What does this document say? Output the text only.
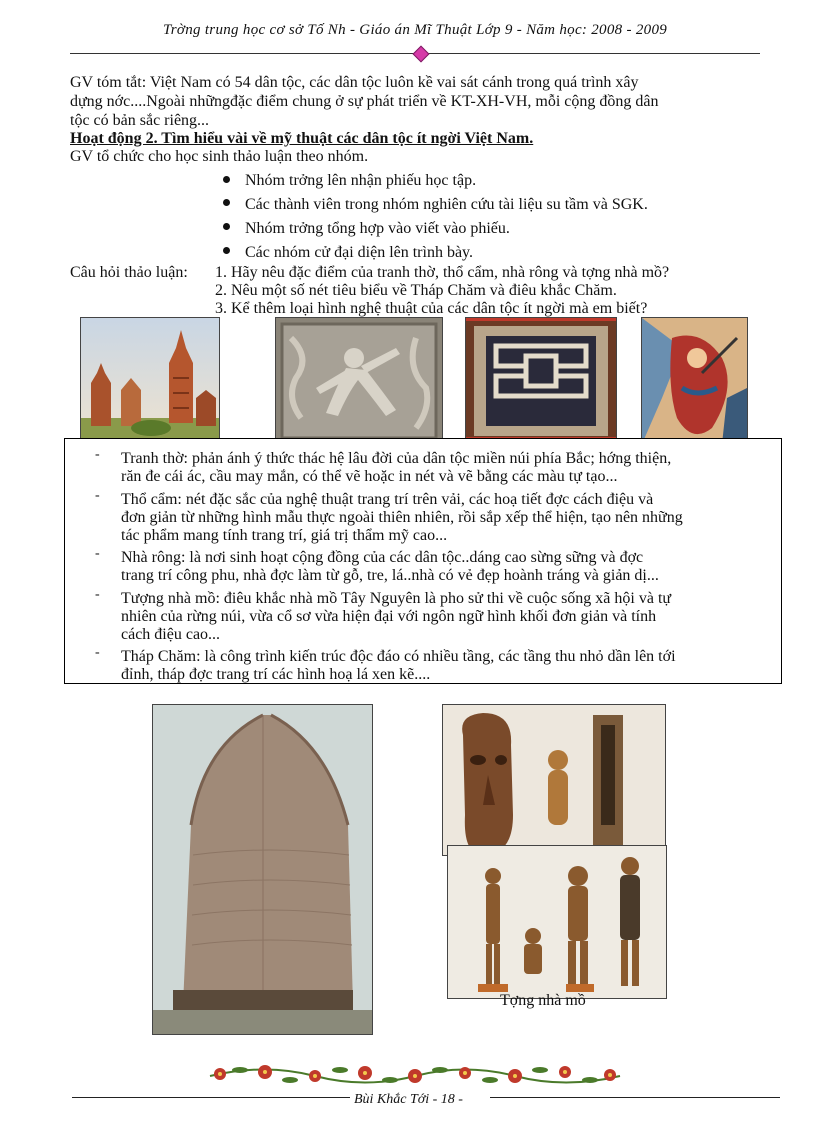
Trờng trung học cơ sở Tố Nh - Giáo án Mĩ Thuật Lớp 9 - Năm học: 2008 - 2009
GV tóm tắt: Việt Nam có 54 dân tộc, các dân tộc luôn kề vai sát cánh trong quá trình xây
dựng nớc....Ngoài nhữngđặc điểm chung ở sự phát triển về KT-XH-VH, mỗi cộng đồng dân
tộc có bản sắc riêng...
Hoạt động 2. Tìm hiểu vài về mỹ thuật các dân tộc ít ngời Việt Nam.
GV tổ chức cho học sinh thảo luận theo nhóm.
Nhóm trởng lên nhận phiếu học tập.
Các thành viên trong nhóm nghiên cứu tài liệu su tầm và SGK.
Nhóm trởng tổng hợp vào viết vào phiếu.
Các nhóm cử đại diện lên trình bày.
Câu hỏi thảo luận: 1. Hãy nêu đặc điểm của tranh thờ, thổ cẩm, nhà rông và tợng nhà mồ?
2. Nêu một số nét tiêu biểu về Tháp Chăm và điêu khắc Chăm.
3. Kể thêm loại hình nghệ thuật của các dân tộc ít ngời mà em biết?
- Tranh thờ: phản ánh ý thức thác hệ lâu đời của dân tộc miền núi phía Bắc; hớng thiện,
răn đe cái ác, cầu may mắn, có thể vẽ hoặc in nét và vẽ bằng các màu tự tạo...
- Thổ cẩm: nét đặc sắc của nghệ thuật trang trí trên vải, các hoạ tiết đợc cách điệu và
đơn giản từ những hình mẫu thực ngoài thiên nhiên, rồi sắp xếp thể hiện, tạo nên những
tác phẩm mang tính trang trí, giá trị thẩm mỹ cao...
- Nhà rông: là nơi sinh hoạt cộng đồng của các dân tộc..dáng cao sừng sững và đợc
trang trí công phu, nhà đợc làm từ gỗ, tre, lá..nhà có vẻ đẹp hoành tráng và giản dị...
- Tượng nhà mồ: điêu khắc nhà mồ Tây Nguyên là pho sử thi về cuộc sống xã hội và tự
nhiên của rừng núi, vừa cổ sơ vừa hiện đại với ngôn ngữ hình khối đơn giản và tính
cách điệu cao...
- Tháp Chăm: là công trình kiến trúc độc đáo có nhiều tầng, các tầng thu nhỏ dần lên tới
đỉnh, tháp đợc trang trí các hình hoạ lá xen kẽ....
Tợng nhà mồ
Bùi Khắc Tới - 18 -
